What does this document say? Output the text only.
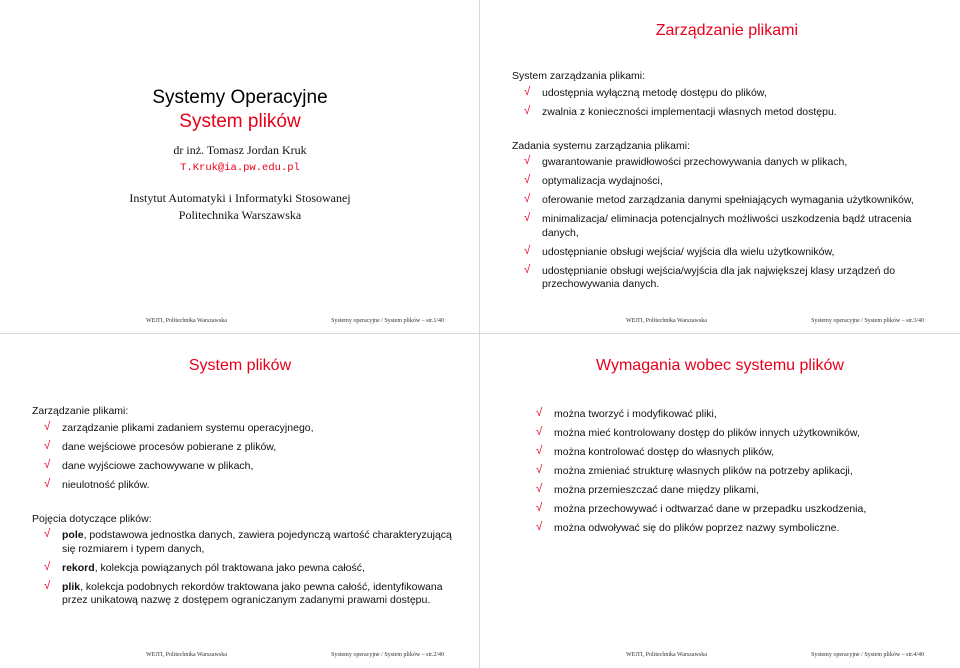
Systemy Operacyjne
System plików
dr inż. Tomasz Jordan Kruk
T.Kruk@ia.pw.edu.pl
Instytut Automatyki i Informatyki Stosowanej
Politechnika Warszawska
WEiTI, Politechnika Warszawska	Systemy operacyjne / System plików – str.1/40
Zarządzanie plikami

System zarządzania plikami:

√ udostępnia wyłączną metodę dostępu do plików,
√ zwalnia z konieczności implementacji własnych metod dostępu.

Zadania systemu zarządzania plikami:

√ gwarantowanie prawidłowości przechowywania danych w plikach,
√ optymalizacja wydajności,
√ oferowanie metod zarządzania danymi spełniających wymagania użytkowników,
√ minimalizacja/ eliminacja potencjalnych możliwości uszkodzenia bądź utracenia danych,
√ udostępnianie obsługi wejścia/ wyjścia dla wielu użytkowników,
√ udostępnianie obsługi wejścia/wyjścia dla jak największej klasy urządzeń do przechowywania danych.
WEiTI, Politechnika Warszawska	Systemy operacyjne / System plików – str.3/40
System plików

Zarządzanie plikami:

√ zarządzanie plikami zadaniem systemu operacyjnego,
√ dane wejściowe procesów pobierane z plików,
√ dane wyjściowe zachowywane w plikach,
√ nieulotność plików.

Pojęcia dotyczące plików:

√ pole, podstawowa jednostka danych, zawiera pojedynczą wartość charakteryzującą się rozmiarem i typem danych,
√ rekord, kolekcja powiązanych pól traktowana jako pewna całość,
√ plik, kolekcja podobnych rekordów traktowana jako pewna całość, identyfikowana przez unikatową nazwę z dostępem ograniczanym zadanymi prawami dostępu.
WEiTI, Politechnika Warszawska	Systemy operacyjne / System plików – str.2/40
Wymagania wobec systemu plików
√ można tworzyć i modyfikować pliki,
√ można mieć kontrolowany dostęp do plików innych użytkowników,
√ można kontrolować dostęp do własnych plików,
√ można zmieniać strukturę własnych plików na potrzeby aplikacji,
√ można przemieszczać dane między plikami,
√ można przechowywać i odtwarzać dane w przepadku uszkodzenia,
√ można odwoływać się do plików poprzez nazwy symboliczne.
WEiTI, Politechnika Warszawska	Systemy operacyjne / System plików – str.4/40
